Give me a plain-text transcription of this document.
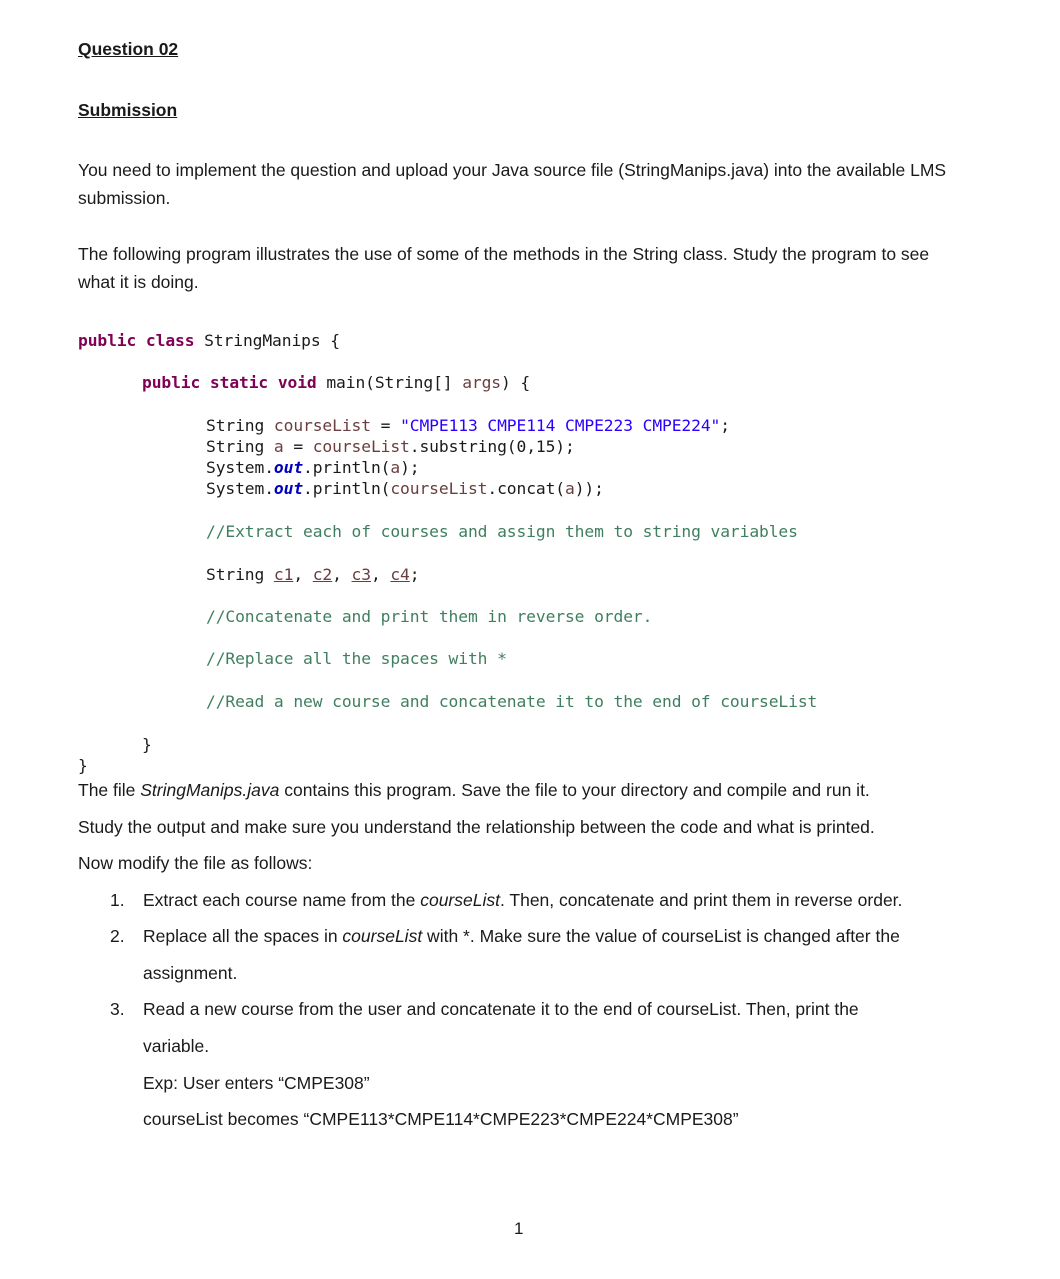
Question 02
Submission
You need to implement the question and upload your Java source file (StringManips.java) into the available LMS submission.
The following program illustrates the use of some of the methods in the String class. Study the program to see what it is doing.
public class StringManips {
public static void main(String[] args) {
String courseList = "CMPE113 CMPE114 CMPE223 CMPE224";
String a = courseList.substring(0,15);
System.out.println(a);
System.out.println(courseList.concat(a));
//Extract each of courses and assign them to string variables
String c1, c2, c3, c4;
//Concatenate and print them in reverse order.
//Replace all the spaces with *
//Read a new course and concatenate it to the end of courseList
}
}
The file StringManips.java contains this program. Save the file to your directory and compile and run it.
Study the output and make sure you understand the relationship between the code and what is printed.
Now modify the file as follows:
1. Extract each course name from the courseList. Then, concatenate and print them in reverse order.
2. Replace all the spaces in courseList with *. Make sure the value of courseList is changed after the
assignment.
3. Read a new course from the user and concatenate it to the end of courseList. Then, print the
variable.
Exp: User enters “CMPE308”
courseList becomes “CMPE113*CMPE114*CMPE223*CMPE224*CMPE308”
1
